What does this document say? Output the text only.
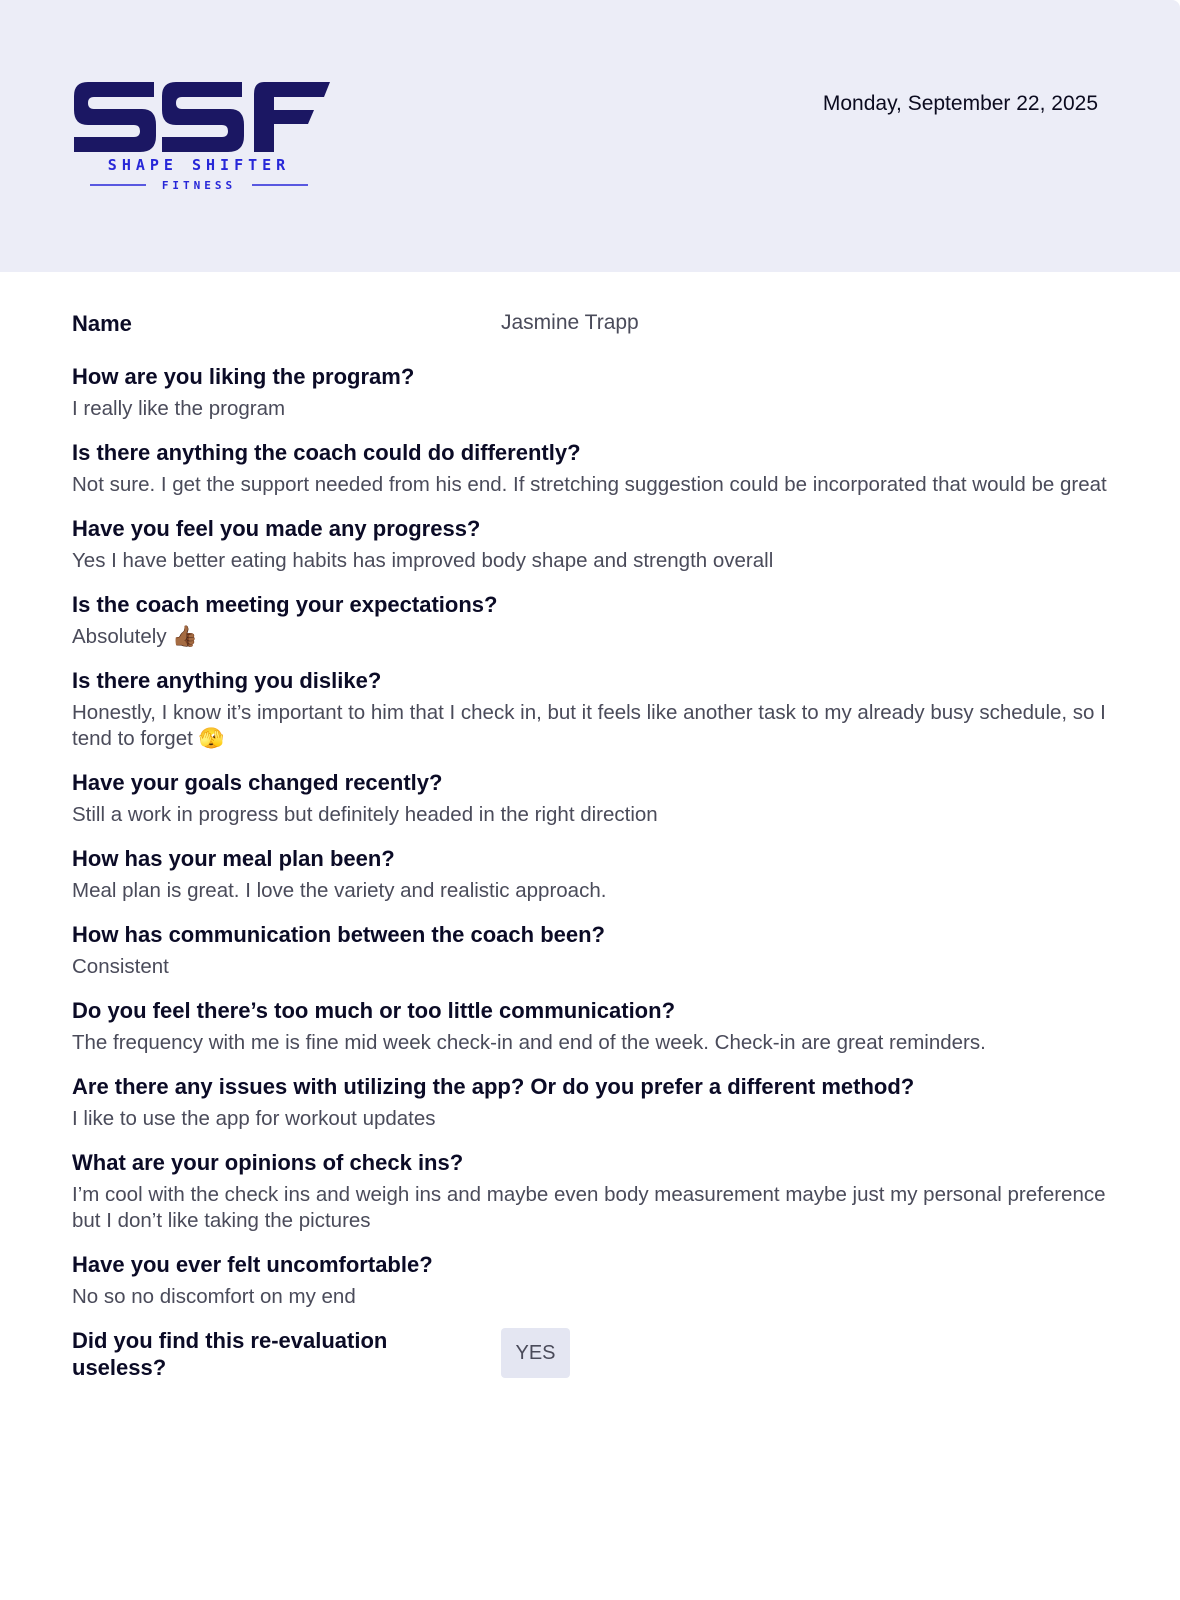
SHAPE SHIFTER
FITNESS
Monday, September 22, 2025
Name	Jasmine Trapp
How are you liking the program?
I really like the program
Is there anything the coach could do differently?
Not sure. I get the support needed from his end. If stretching suggestion could be incorporated that would be great
Have you feel you made any progress?
Yes I have better eating habits has improved body shape and strength overall
Is the coach meeting your expectations?
Absolutely 👍🏾
Is there anything you dislike?
Honestly, I know it’s important to him that I check in, but it feels like another task to my already busy schedule, so I tend to forget 🫣
Have your goals changed recently?
Still a work in progress but definitely headed in the right direction
How has your meal plan been?
Meal plan is great. I love the variety and realistic approach.
How has communication between the coach been?
Consistent
Do you feel there’s too much or too little communication?
The frequency with me is fine mid week check-in and end of the week. Check-in are great reminders.
Are there any issues with utilizing the app? Or do you prefer a different method?
I like to use the app for workout updates
What are your opinions of check ins?
I’m cool with the check ins and weigh ins and maybe even body measurement maybe just my personal preference but I don’t like taking the pictures
Have you ever felt uncomfortable?
No so no discomfort on my end
Did you find this re-evaluation useless?
YES
